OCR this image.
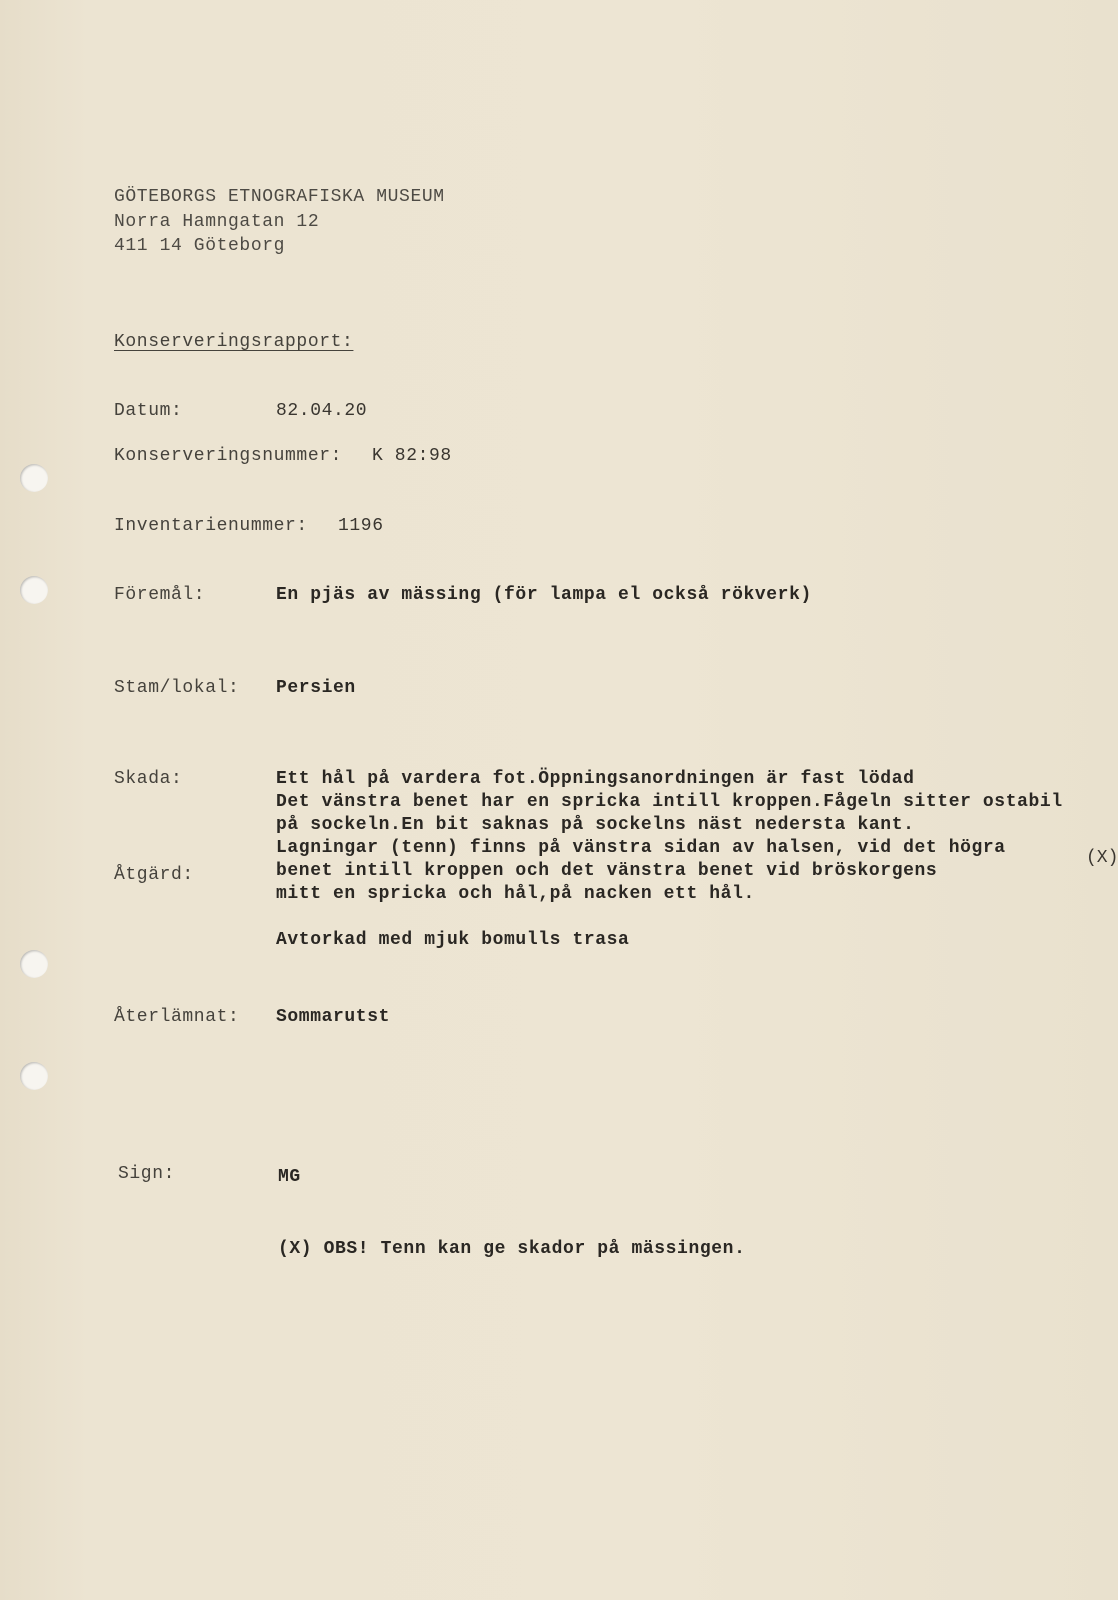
GÖTEBORGS ETNOGRAFISKA MUSEUM
Norra Hamngatan 12
411 14 Göteborg
Konserveringsrapport:
Datum:	82.04.20
Konserveringsnummer: K 82:98
Inventarienummer: 1196
Föremål:	En pjäs av mässing (för lampa el också rökverk)
Stam/lokal: Persien
Skada:	Ett hål på vardera fot.Öppningsanordningen är fast lödad
Det vänstra benet har en spricka intill kroppen.Fågeln sitter ostabil
på sockeln.En bit saknas på sockelns näst nedersta kant.
Lagningar (tenn) finns på vänstra sidan av halsen, vid det högra
benet intill kroppen och det vänstra benet vid bröskorgens
mitt en spricka och hål,på nacken ett hål.
(X)
Åtgärd:
Avtorkad med mjuk bomulls trasa
Återlämnat: Sommarutst
Sign:	MG
(X) OBS! Tenn kan ge skador på mässingen.
